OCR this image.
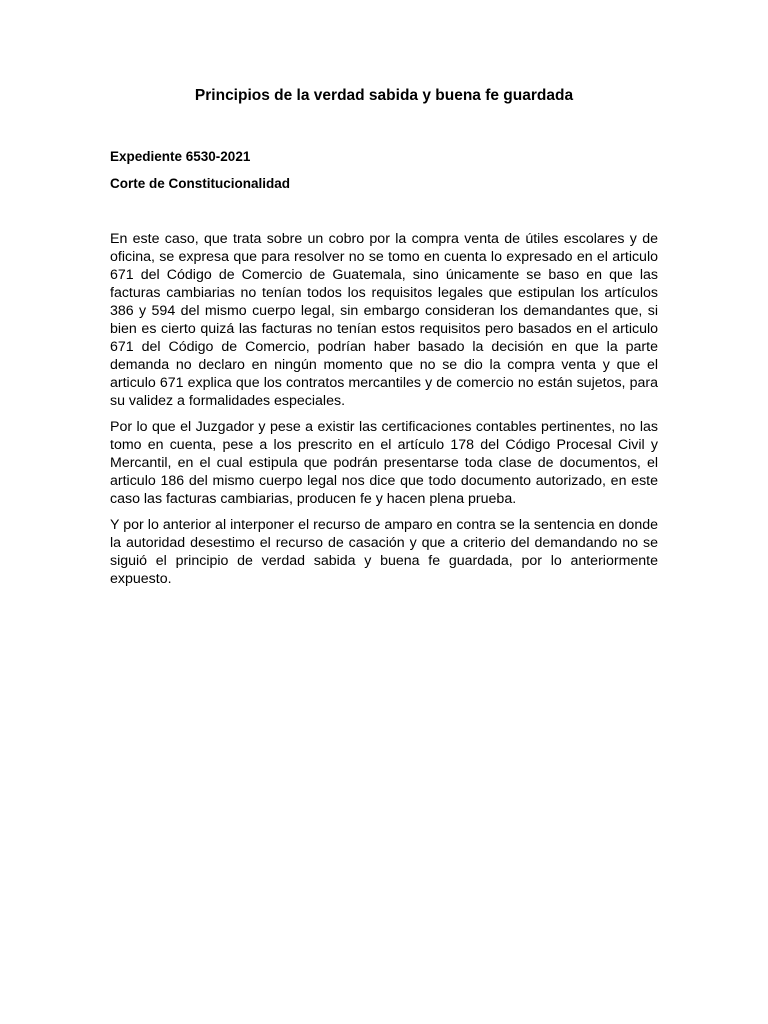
Principios de la verdad sabida y buena fe guardada

Expediente 6530-2021

Corte de Constitucionalidad

En este caso, que trata sobre un cobro por la compra venta de útiles escolares y de oficina, se expresa que para resolver no se tomo en cuenta lo expresado en el articulo 671 del Código de Comercio de Guatemala, sino únicamente se baso en que las facturas cambiarias no tenían todos los requisitos legales que estipulan los artículos 386 y 594 del mismo cuerpo legal, sin embargo consideran los demandantes que, si bien es cierto quizá las facturas no tenían estos requisitos pero basados en el articulo 671 del Código de Comercio, podrían haber basado la decisión en que la parte demanda no declaro en ningún momento que no se dio la compra venta y que el articulo 671 explica que los contratos mercantiles y de comercio no están sujetos, para su validez a formalidades especiales.

Por lo que el Juzgador y pese a existir las certificaciones contables pertinentes, no las tomo en cuenta, pese a los prescrito en el artículo 178 del Código Procesal Civil y Mercantil, en el cual estipula que podrán presentarse toda clase de documentos, el articulo 186 del mismo cuerpo legal nos dice que todo documento autorizado, en este caso las facturas cambiarias, producen fe y hacen plena prueba.

Y por lo anterior al interponer el recurso de amparo en contra se la sentencia en donde la autoridad desestimo el recurso de casación y que a criterio del demandando no se siguió el principio de verdad sabida y buena fe guardada, por lo anteriormente expuesto.
